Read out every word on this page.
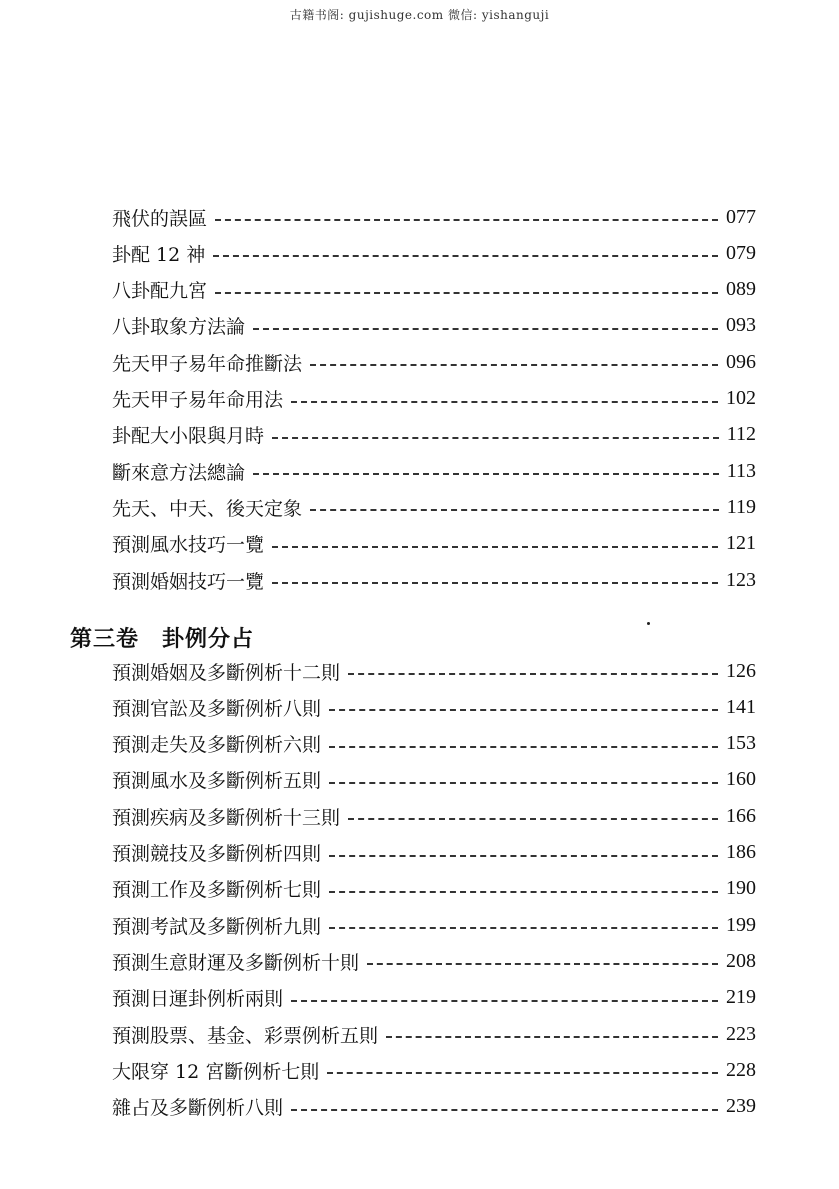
古籍书阁: gujishuge.com 微信: yishanguji
飛伏的誤區	077
卦配 12 神	079
八卦配九宮	089
八卦取象方法論	093
先天甲子易年命推斷法	096
先天甲子易年命用法	102
卦配大小限與月時	112
斷來意方法總論	113
先天、中天、後天定象	119
預測風水技巧一覽	121
預測婚姻技巧一覽	123
第三卷　卦例分占
預測婚姻及多斷例析十二則	126
預測官訟及多斷例析八則	141
預測走失及多斷例析六則	153
預測風水及多斷例析五則	160
預測疾病及多斷例析十三則	166
預測競技及多斷例析四則	186
預測工作及多斷例析七則	190
預測考試及多斷例析九則	199
預測生意財運及多斷例析十則	208
預測日運卦例析兩則	219
預測股票、基金、彩票例析五則	223
大限穿 12 宮斷例析七則	228
雜占及多斷例析八則	239
